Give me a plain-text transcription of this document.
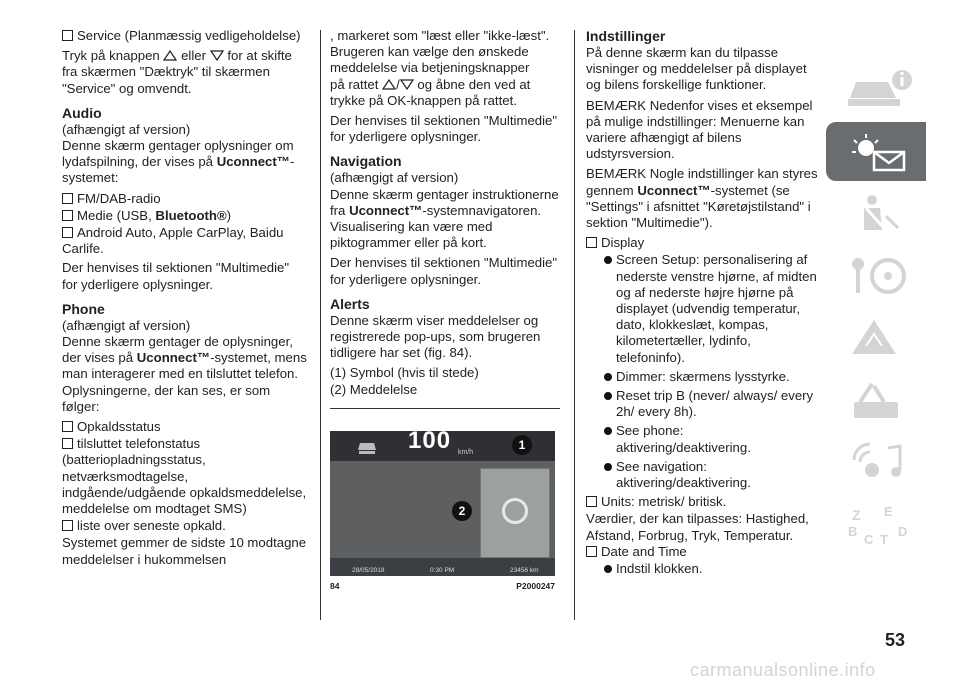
Service (Planmæssig vedligeholdelse)

Tryk på knappen eller for at skifte fra skærmen "Dæktryk" til skærmen "Service" og omvendt.

Audio

(afhængigt af version)

Denne skærm gentager oplysninger om lydafspilning, der vises på Uconnect™-systemet:

FM/DAB-radio
Medie (USB, Bluetooth®)
Android Auto, Apple CarPlay, Baidu Carlife.

Der henvises til sektionen "Multimedie" for yderligere oplysninger.

Phone

(afhængigt af version)

Denne skærm gentager de oplysninger, der vises på Uconnect™-systemet, mens man interagerer med en tilsluttet telefon. Oplysningerne, der kan ses, er som følger:

Opkaldsstatus
tilsluttet telefonstatus (batteriopladningsstatus, netværksmodtagelse, indgående/udgående opkaldsmeddelelse, meddelelse om modtaget SMS)
liste over seneste opkald.

Systemet gemmer de sidste 10 modtagne meddelelser i hukommelsen

, markeret som "læst eller "ikke-læst". Brugeren kan vælge den ønskede meddelelse via betjeningsknapper

på rattet / og åbne den ved at trykke på OK-knappen på rattet.

Der henvises til sektionen "Multimedie" for yderligere oplysninger.

Navigation

(afhængigt af version)

Denne skærm gentager instruktionerne fra Uconnect™-systemnavigatoren. Visualisering kan være med piktogrammer eller på kort.

Der henvises til sektionen "Multimedie" for yderligere oplysninger.

Alerts

Denne skærm viser meddelelser og registrerede pop-ups, som brugeren tidligere har set (fig. 84).

(1) Symbol (hvis til stede)

(2) Meddelelse

100 km/h
1
2
28/05/2018	0:30 PM	23456 km
84	P2000247
Indstillinger

På denne skærm kan du tilpasse visninger og meddelelser på displayet og bilens forskellige funktioner.

BEMÆRK Nedenfor vises et eksempel på mulige indstillinger: Menuerne kan variere afhængigt af bilens udstyrsversion.

BEMÆRK Nogle indstillinger kan styres gennem Uconnect™-systemet (se "Settings" i afsnittet "Køretøjstilstand" i sektion "Multimedie").

Display

Screen Setup: personalisering af nederste venstre hjørne, af midten og af nederste højre hjørne på displayet (udvendig temperatur, dato, klokkeslæt, kompas, kilometertæller, lydinfo, telefoninfo).

Dimmer: skærmens lysstyrke.

Reset trip B (never/ always/ every 2h/ every 8h).

See phone: aktivering/deaktivering.

See navigation: aktivering/deaktivering.

Units: metrisk/ britisk.

Værdier, der kan tilpasses: Hastighed, Afstand, Forbrug, Tryk, Temperatur.

Date and Time

Indstil klokken.

Z E
B
C T
D
53
carmanualsonline.info
